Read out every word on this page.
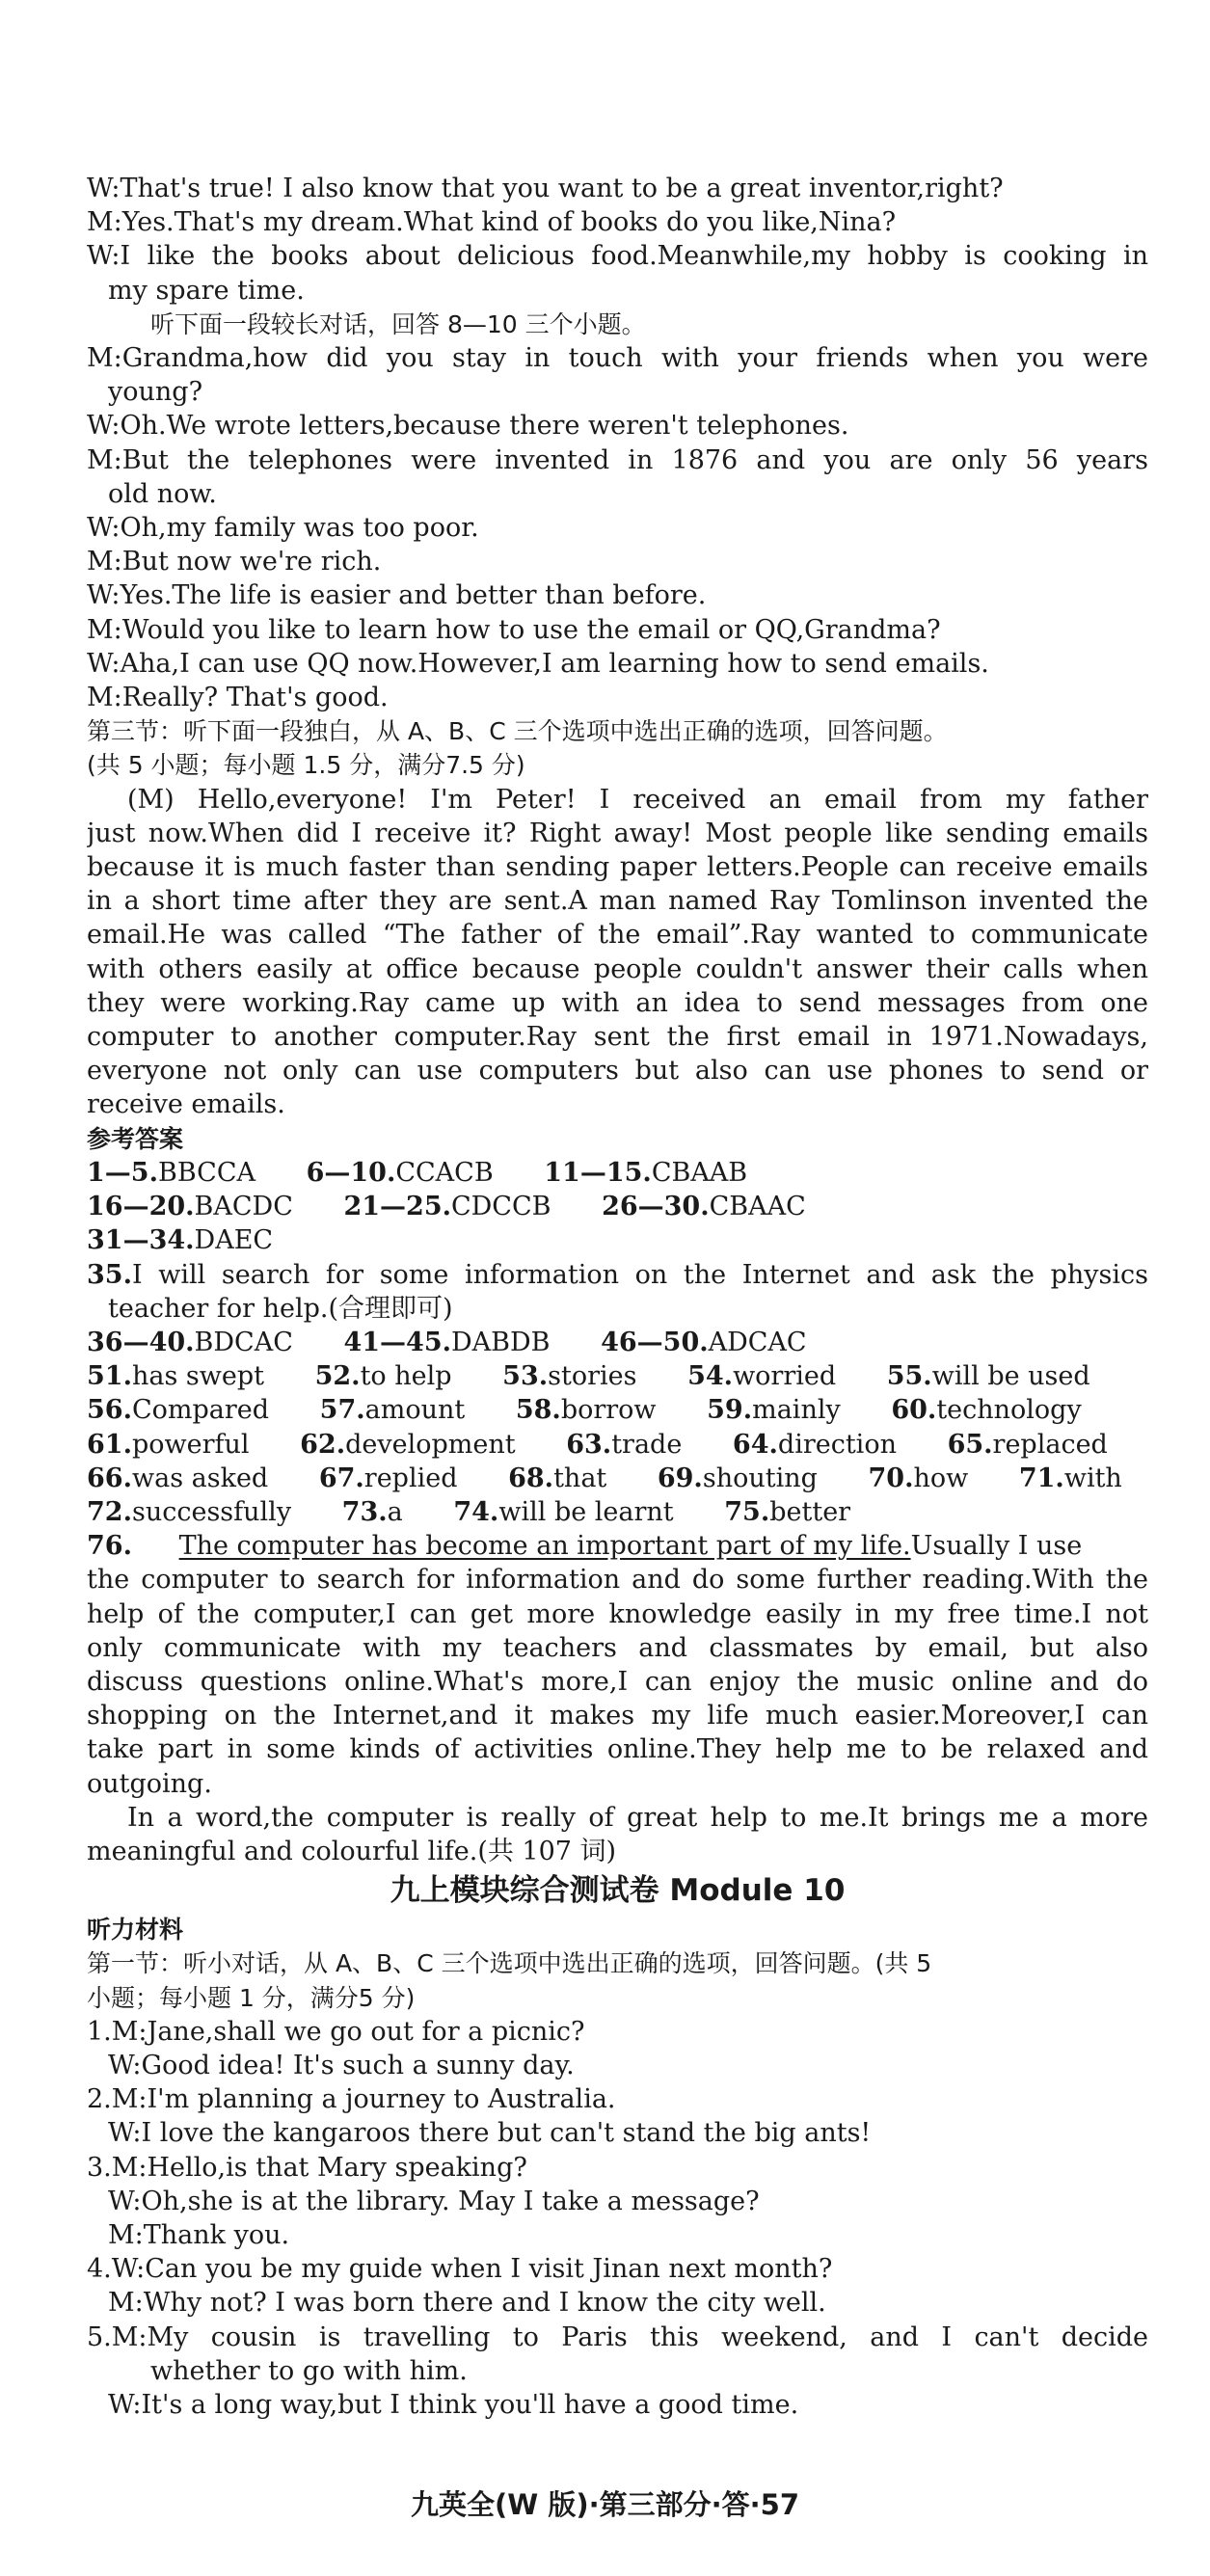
W:That's true! I also know that you want to be a great inventor,right?
M:Yes.That's my dream.What kind of books do you like,Nina?
W:I like the books about delicious food.Meanwhile,my hobby is cooking in
my spare time.
听下面一段较长对话，回答 8—10 三个小题。
M:Grandma,how did you stay in touch with your friends when you were
young?
W:Oh.We wrote letters,because there weren't telephones.
M:But the telephones were invented in 1876 and you are only 56 years
old now.
W:Oh,my family was too poor.
M:But now we're rich.
W:Yes.The life is easier and better than before.
M:Would you like to learn how to use the email or QQ,Grandma?
W:Aha,I can use QQ now.However,I am learning how to send emails.
M:Really? That's good.
第三节：听下面一段独白，从 A、B、C 三个选项中选出正确的选项，回答问题。
(共 5 小题；每小题 1.5 分，满分7.5 分)
(M) Hello,everyone! I'm Peter! I received an email from my father
just now.When did I receive it? Right away! Most people like sending emails
because it is much faster than sending paper letters.People can receive emails
in a short time after they are sent.A man named Ray Tomlinson invented the
email.He was called “The father of the email”.Ray wanted to communicate
with others easily at office because people couldn't answer their calls when
they were working.Ray came up with an idea to send messages from one
computer to another computer.Ray sent the first email in 1971.Nowadays,
everyone not only can use computers but also can use phones to send or
receive emails.
参考答案
1—5.BBCCA 6—10.CCACB 11—15.CBAAB
16—20.BACDC 21—25.CDCCB 26—30.CBAAC
31—34.DAEC
35.I will search for some information on the Internet and ask the physics
teacher for help.(合理即可)
36—40.BDCAC 41—45.DABDB 46—50.ADCAC
51.has swept 52.to help 53.stories 54.worried 55.will be used
56.Compared 57.amount 58.borrow 59.mainly 60.technology
61.powerful 62.development 63.trade 64.direction 65.replaced
66.was asked 67.replied 68.that 69.shouting 70.how 71.with
72.successfully 73.a 74.will be learnt 75.better
76. The computer has become an important part of my life.Usually I use
the computer to search for information and do some further reading.With the
help of the computer,I can get more knowledge easily in my free time.I not
only communicate with my teachers and classmates by email, but also
discuss questions online.What's more,I can enjoy the music online and do
shopping on the Internet,and it makes my life much easier.Moreover,I can
take part in some kinds of activities online.They help me to be relaxed and
outgoing.
In a word,the computer is really of great help to me.It brings me a more
meaningful and colourful life.(共 107 词)
九上模块综合测试卷 Module 10
听力材料
第一节：听小对话，从 A、B、C 三个选项中选出正确的选项，回答问题。(共 5
小题；每小题 1 分，满分5 分)
1.M:Jane,shall we go out for a picnic?
W:Good idea! It's such a sunny day.
2.M:I'm planning a journey to Australia.
W:I love the kangaroos there but can't stand the big ants!
3.M:Hello,is that Mary speaking?
W:Oh,she is at the library. May I take a message?
M:Thank you.
4.W:Can you be my guide when I visit Jinan next month?
M:Why not? I was born there and I know the city well.
5.M:My cousin is travelling to Paris this weekend, and I can't decide
whether to go with him.
W:It's a long way,but I think you'll have a good time.
九英全(W 版)·第三部分·答·57
